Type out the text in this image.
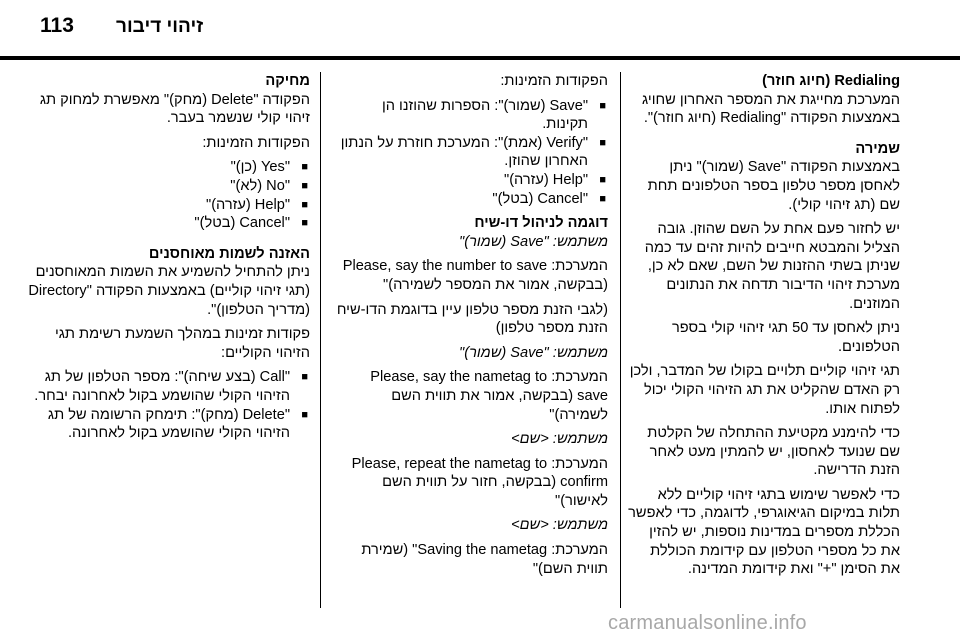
113 זיהוי דיבור
Redialing (חיוג חוזר)

המערכת מחייגת את המספר האחרון שחויג באמצעות הפקודה "Redialing (חיוג חוזר)".

שמירה

באמצעות הפקודה "Save (שמור)" ניתן לאחסן מספר טלפון בספר הטלפונים תחת שם (תג זיהוי קולי).

יש לחזור פעם אחת על השם שהוזן. גובה הצליל והמבטא חייבים להיות זהים עד כמה שניתן בשתי ההזנות של השם, שאם לא כן, מערכת זיהוי הדיבור תדחה את הנתונים המוזנים.

ניתן לאחסן עד 50 תגי זיהוי קולי בספר הטלפונים.

תגי זיהוי קוליים תלויים בקולו של המדבר, ולכן רק האדם שהקליט את תג הזיהוי הקולי יכול לפתוח אותו.

כדי להימנע מקטיעת ההתחלה של הקלטת שם שנועד לאחסון, יש להמתין מעט לאחר הזנת הדרישה.

כדי לאפשר שימוש בתגי זיהוי קוליים ללא תלות במיקום הגיאוגרפי, לדוגמה, כדי לאפשר הכללת מספרים במדינות נוספות, יש להזין את כל מספרי הטלפון עם קידומת הכוללת את הסימן "+" ואת קידומת המדינה.

הפקודות הזמינות:

■ "Save (שמור)": הספרות שהוזנו הן תקינות.
■ "Verify (אמת)": המערכת חוזרת על הנתון האחרון שהוזן.
■ "Help (עזרה)"
■ "Cancel (בטל)"
דוגמה לניהול דו-שיח

משתמש: "Save (שמור)"

המערכת: Please, say the number to save (בבקשה, אמור את המספר לשמירה)"

(לגבי הזנת מספר טלפון עיין בדוגמת הדו-שיח הזנת מספר טלפון)

משתמש: "Save (שמור)"

המערכת: Please, say the nametag to save (בבקשה, אמור את תווית השם לשמירה)"

משתמש: <שם>

המערכת: Please, repeat the nametag to confirm (בבקשה, חזור על תווית השם לאישור)"

משתמש: <שם>

המערכת: Saving the nametag" (שמירת תווית השם)"

מחיקה

הפקודה "Delete (מחק)" מאפשרת למחוק תג זיהוי קולי שנשמר בעבר.

הפקודות הזמינות:

■ "Yes (כן)"
■ "No (לא)"
■ "Help (עזרה)"
■ "Cancel (בטל)"
האזנה לשמות מאוחסנים

ניתן להתחיל להשמיע את השמות המאוחסנים (תגי זיהוי קוליים) באמצעות הפקודה "Directory (מדריך הטלפון)".

פקודות זמינות במהלך השמעת רשימת תגי הזיהוי הקוליים:

■ "Call (בצע שיחה)": מספר הטלפון של תג הזיהוי הקולי שהושמע בקול לאחרונה יבחר.
■ "Delete (מחק)": תימחק הרשומה של תג הזיהוי הקולי שהושמע בקול לאחרונה.
carmanualsonline.info
